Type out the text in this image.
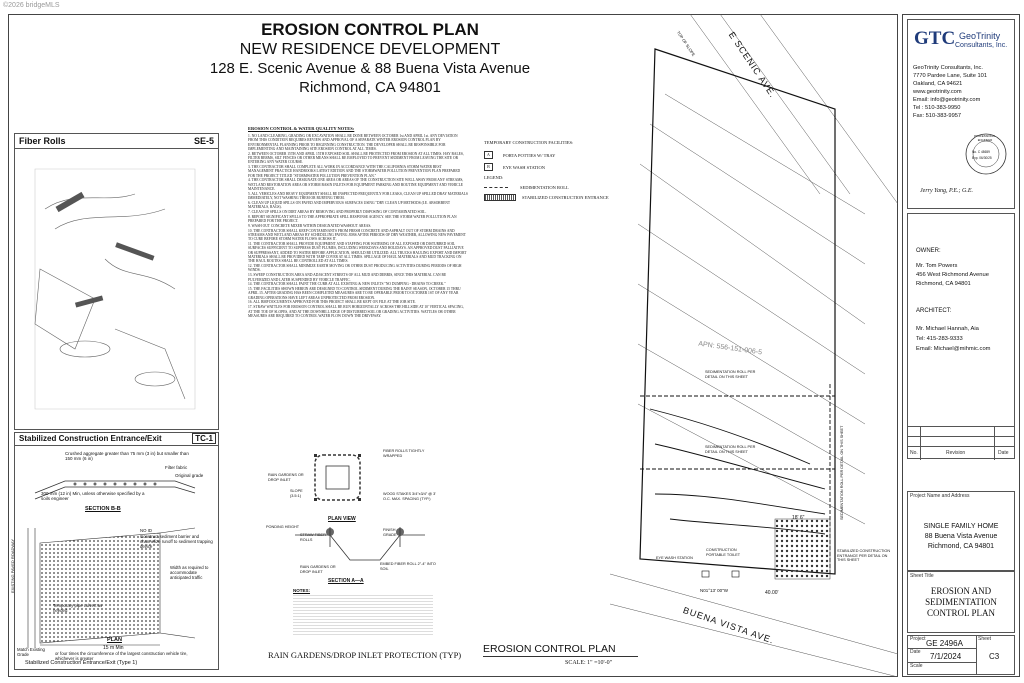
©2026 bridgeMLS
EROSION CONTROL PLAN
NEW RESIDENCE DEVELOPMENT
128 E. Scenic Avenue & 88 Buena Vista Avenue
Richmond, CA 94801
Fiber Rolls	SE-5
Stabilized Construction Entrance/Exit	TC-1
Crushed aggregate greater than 75 mm (3 in) but smaller than 150 mm (6 in)
Filter fabric
Original grade
300 mm (12 in) Min, unless otherwise specified by a soils engineer
SECTION B-B
NO ID
Construct sediment barrier and channelize runoff to sediment trapping device
Width as required to accommodate anticipated traffic
Temporary pipe culvert as needed
15 m Min
or four times the circumference of the largest construction vehicle tire, whichever is greater
Match Existing Grade
EXISTING PAVED ROADWAY
PLAN
Stabilized Construction Entrance/Exit (Type 1)
EROSION CONTROL & WATER QUALITY NOTES:
1. NO LAND CLEARING, GRADING OR EXCAVATION SHALL BE DONE BETWEEN OCTOBER 1st AND APRIL 1st. ANY DEVIATION FROM THIS CONDITION REQUIRES REVIEW AND APPROVAL OF A SEPARATE WINTER EROSION CONTROL PLAN BY ENVIRONMENTAL PLANNING PRIOR TO BEGINNING CONSTRUCTION. THE DEVELOPER SHALL BE RESPONSIBLE FOR IMPLEMENTING AND MAINTAINING SITE EROSION CONTROL AT ALL TIMES.
2. BETWEEN OCTOBER 15TH AND APRIL 15TH EXPOSED SOIL SHALL BE PROTECTED FROM EROSION AT ALL TIMES. HAY BALES, FILTER BERMS, SILT FENCES OR OTHER MEANS SHALL BE EMPLOYED TO PREVENT SEDIMENT FROM LEAVING THE SITE OR ENTERING ANY WATER COURSE.
3. THE CONTRACTOR SHALL COMPLETE ALL WORK IN ACCORDANCE WITH THE CALIFORNIA STORM WATER BEST MANAGEMENT PRACTICE HANDBOOKS LATEST EDITION AND THE STORMWATER POLLUTION PREVENTION PLAN PREPARED FOR THE PROJECT TITLED "STORMWATER POLLUTION PREVENTION PLAN."
4. THE CONTRACTOR SHALL DESIGNATE ONE AREA OR AREAS OF THE CONSTRUCTION SITE WELL AWAY FROM ANY STREAMS, WETLAND RESTORATION AREA OR STORM BASIN INLETS FOR EQUIPMENT PARKING AND ROUTINE EQUIPMENT AND VEHICLE MAINTENANCE.
5. ALL VEHICLES AND HEAVY EQUIPMENT SHALL BE INSPECTED FREQUENTLY FOR LEAKS, CLEAN UP SPILLED DRAY MATERIALS IMMEDIATELY, NOT WASHING THEM OR BURYING THEM.
6. CLEAN UP LIQUID SPILLS ON PAVED AND IMPERVIOUS SURFACES USING "DRY CLEAN UP METHODS (I.E. ABSORBENT MATERIALS, RAGS).
7. CLEAN UP SPILLS ON DIRT AREAS BY REMOVING AND PROPERLY DISPOSING OF CONTAMINATED SOIL.
8. REPORT SIGNIFICANT SPILLS TO THE APPROPRIATE SPILL RESPONSE AGENCY. SEE THE STORM WATER POLLUTION PLAN PREPARED FOR THE PROJECT.
9. WASH OUT CONCRETE MIXER WITHIN DESIGNATED WASHOUT AREAS.
10. THE CONTRACTOR SHALL KEEP CONTAMINANTS FROM FRESH CONCRETE AND ASPHALT OUT OF STORM DRAINS AND STREAMS AND WETLAND AREAS BY SCHEDULING PAVING JOBS AFTER PERIODS OF DRY WEATHER, ALLOWING NEW PAVEMENT TO CURE BEFORE STORM WATER FLOWS ACROSS IT.
11. THE CONTRACTOR SHALL PROVIDE EQUIPMENT AND STAFFING FOR WATERING OF ALL EXPOSED OR DISTURBED SOIL SURFACES SUFFICIENT TO SUPPRESS DUST PLUMES, INCLUDING WEEKDAYS AND HOLIDAYS. AN APPROVED DUST PALLIATIVE OR SUPPRESSANT, ADDED TO WATER BEFORE APPLICATION, SHOULD BE UTILIZED. ALL TRUCKS HAULING EXPORT AND IMPORT MATERIALS SHALL BE PROVIDED WITH TARP COVER AT ALL TIMES. SPILLAGE OF HAUL MATERIALS AND MUD TRACKING ON THE HAUL ROUTES SHALL BE CONTROLLED AT ALL TIMES.
12. THE CONTRACTOR SHALL MINIMIZE EARTH MOVING OR OTHER DUST PRODUCING ACTIVITIES DURING PERIODS OF HIGH WINDS.
13. SWEEP CONSTRUCTION AREA AND ADJACENT STREETS OF ALL MUD AND DEBRIS, SINCE THIS MATERIAL CAN BE PULVERIZED AND LATER SUSPENDED BY VEHICLE TRAFFIC.
14. THE CONTRACTOR SHALL PAINT THE CURB AT ALL EXISTING & NEW INLETS "NO DUMPING - DRAINS TO CREEK."
15. THE FACILITIES SHOWN HEREIN ARE DESIGNED TO CONTROL SEDIMENT DURING THE RAINY SEASON, OCTOBER 15 THRU APRIL 15. AFTER GRADING HAS BEEN COMPLETED MEASURES ARE TO BE OPERABLE PRIOR TO OCTOBER 1ST OF ANY YEAR GRADING OPERATIONS HAVE LEFT AREAS UNPROTECTED FROM EROSION.
16. ALL BMP DOCUMENTS APPROVED FOR THIS PROJECT SHALL BE KEPT ON FILE AT THE JOB SITE.
17. STRAW WATTLES FOR EROSION CONTROL SHALL BE RUN HORIZONTALLY ACROSS THE HILLSIDE AT 10' VERTICAL SPACING, AT THE TOE OF SLOPES, AND AT THE DOWNHILL EDGE OF DISTURBED SOIL OR GRADING ACTIVITIES. WATTLES OR OTHER MEASURES ARE REQUIRED TO CONTROL WATER FLOW DOWN THE DRIVEWAY.
TEMPORARY CONSTRUCTION FACILITIES:
A	PORTA POTTIES W/ TRAY
B	EYE WASH STATION
LEGEND:
SEDIMENTATION ROLL
STABILIZED CONSTRUCTION ENTRANCE
FIBER ROLLS TIGHTLY WRAPPED
RAIN GARDENS OR DROP INLET
SLOPE (3.5:1)	WOOD STAKES 3/4"x3/4" @ 3' O.C. MAX. SPACING (TYP.)
PLAN VIEW
PONDING HEIGHT
STRAW FIBER ROLLS
FINISH GRADE
RAIN GARDENS OR DROP INLET
EMBED FIBER ROLL 2"-4" INTO SOIL
SECTION A—A
NOTES:
RAIN GARDENS/DROP INLET PROTECTION (TYP)
E SCENIC AVE.
TOP OF SLOPE
APN: 556-151-006-5
SEDIMENTATION ROLL PER DETAIL ON THIS SHEET
SEDIMENTATION ROLL PER DETAIL ON THIS SHEET	SEDIMENTATION ROLL PER DETAIL ON THIS SHEET
18' 6"
40.00'
N01°13' 00"W
EYE WASH STATION
CONSTRUCTION PORTABLE TOILET
STABILIZED CONSTRUCTION ENTRANCE PER DETAIL ON THIS SHEET
BUENA VISTA AVE.
EROSION CONTROL PLAN
SCALE: 1" =10'-0"
GTC GeoTrinity
Consultants, Inc.
GeoTrinity Consultants, Inc.
7770 Pardee Lane, Suite 101
Oakland, CA 94621
www.geotrinity.com
Email: info@geotrinity.com
Tel : 510-383-9950
Fax: 510-383-9957
No. C 48659
Exp. 06/30/25
PROFESSIONAL ENGINEER
Jerry Yang, P.E.; G.E.
OWNER:
Mr. Tom Powers
456 West Richmond Avenue
Richmond, CA 94801
ARCHITECT:
Mr. Michael Hannah, Aia
Tel: 415-283-9333
Email: Michael@mihmic.com
No.	Revision	Date
Project Name and Address
SINGLE FAMILY HOME
88 Buena Vista Avenue
Richmond, CA 94801
Sheet Title
EROSION AND
SEDIMENTATION
CONTROL PLAN
Project GE 2496A
Date 7/1/2024
Scale
Sheet
C3
